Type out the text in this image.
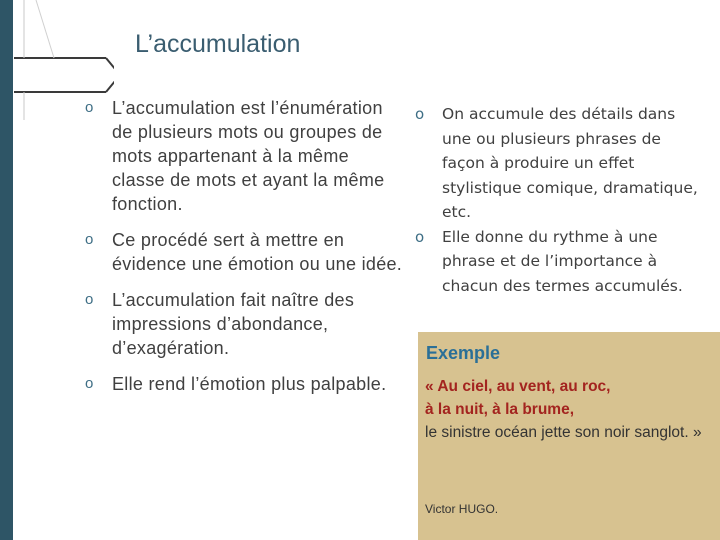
L’accumulation
o L’accumulation est l’énumération de plusieurs mots ou groupes de mots appartenant à la même classe de mots et ayant la même fonction.
o Ce procédé sert à mettre en évidence une émotion ou une idée.
o L’accumulation fait naître des impressions d’abondance, d’exagération.
o Elle rend l’émotion plus palpable.
o On accumule des détails dans une ou plusieurs phrases de façon à produire un effet stylistique comique, dramatique, etc.
o Elle donne du rythme à une phrase et de l’importance à chacun des termes accumulés.
Exemple
« Au ciel, au vent, au roc,
à la nuit, à la brume,
le sinistre océan jette son noir sanglot. »
Victor HUGO.
